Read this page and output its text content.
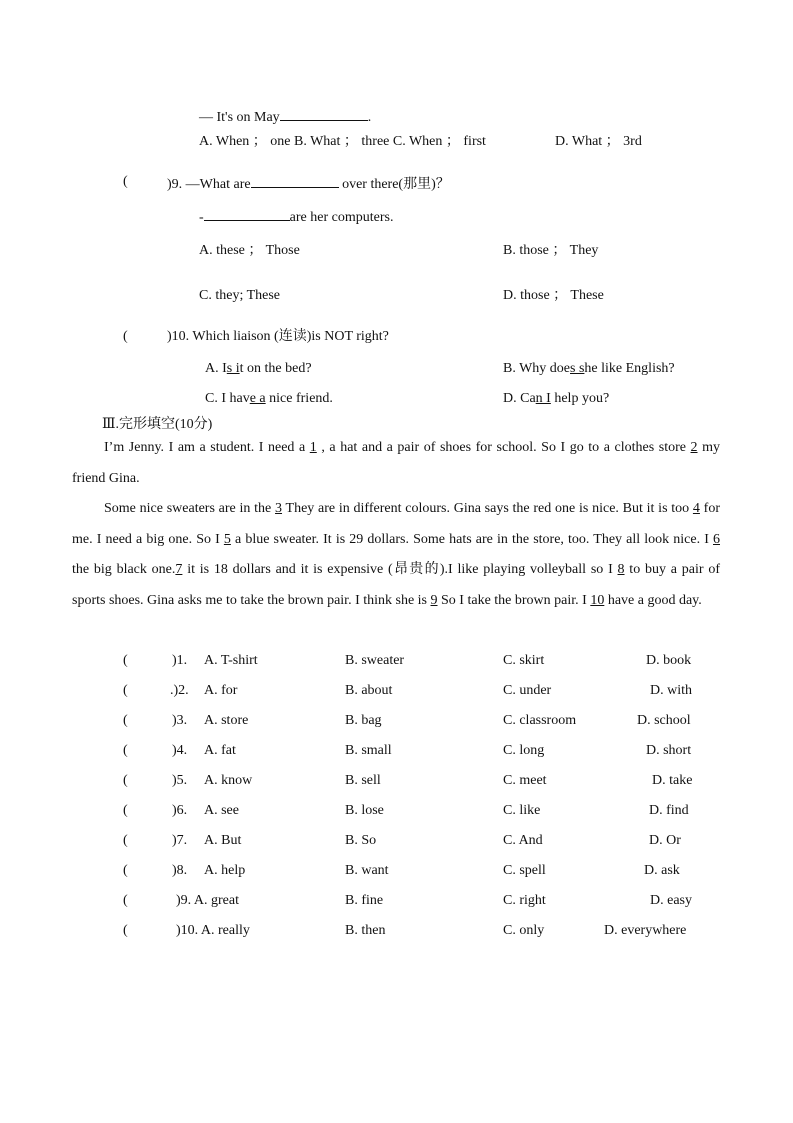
— It's on May	.
A. When ； one B. What ； three C. When ； first	D. What ； 3rd
(	)9. —What are	over there(那里)？
-	are her computers.
A. these ； Those	B. those ； They
C. they; These	D. those ； These
(	)10. Which liaison (连读)is NOT right?
A. Is it on the bed?	B. Why does she like English?
C. I have a nice friend.	D. Can I help you?
Ⅲ.完形填空(10分)

I’m Jenny. I am a student. I need a 1 , a hat and a pair of shoes for school. So I go to a clothes store 2 my friend Gina.

Some nice sweaters are in the 3 They are in different colours. Gina says the red one is nice. But it is too 4 for me. I need a big one. So I 5 a blue sweater. It is 29 dollars. Some hats are in the store, too. They all look nice. I 6 the big black one.7 it is 18 dollars and it is expensive (昂贵的).I like playing volleyball so I 8 to buy a pair of sports shoes. Gina asks me to take the brown pair. I think she is 9 So I take the brown pair. I 10 have a good day.

(	)1. A. T-shirt	B. sweater	C. skirt	D. book
(	.)2. A. for	B. about	C. under	D. with
(	)3. A. store	B. bag	C. classroom	D. school
(	)4. A. fat	B. small	C. long	D. short
(	)5. A. know	B. sell	C. meet	D. take
(	)6. A. see	B. lose	C. like	D. find
(	)7. A. But	B. So	C. And	D. Or
(	)8. A. help	B. want	C. spell	D. ask
(	)9. A. great	B. fine	C. right	D. easy
(	)10. A. really	B. then	C. only	D. everywhere
